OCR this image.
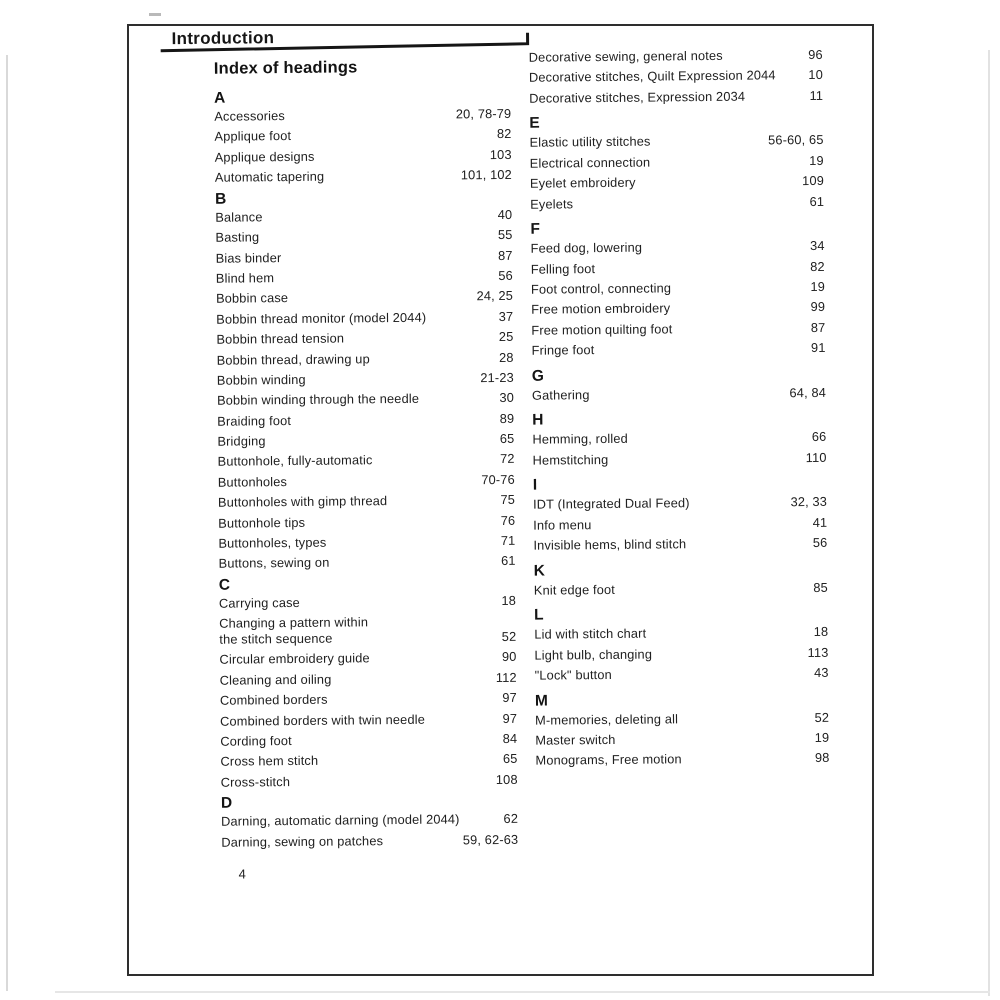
Introduction
Index of headings
A
Accessories	20, 78-79
Applique foot	82
Applique designs	103
Automatic tapering	101, 102
B
Balance	40
Basting	55
Bias binder	87
Blind hem	56
Bobbin case	24, 25
Bobbin thread monitor (model 2044)	37
Bobbin thread tension	25
Bobbin thread, drawing up	28
Bobbin winding	21-23
Bobbin winding through the needle	30
Braiding foot	89
Bridging	65
Buttonhole, fully-automatic	72
Buttonholes	70-76
Buttonholes with gimp thread	75
Buttonhole tips	76
Buttonholes, types	71
Buttons, sewing on	61
C
Carrying case	18
Changing a pattern within
the stitch sequence	52
Circular embroidery guide	90
Cleaning and oiling	112
Combined borders	97
Combined borders with twin needle	97
Cording foot	84
Cross hem stitch	65
Cross-stitch	108
D
Darning, automatic darning (model 2044)	62
Darning, sewing on patches	59, 62-63
Decorative sewing, general notes	96
Decorative stitches, Quilt Expression 2044	10
Decorative stitches, Expression 2034	11
E
Elastic utility stitches	56-60, 65
Electrical connection	19
Eyelet embroidery	109
Eyelets	61
F
Feed dog, lowering	34
Felling foot	82
Foot control, connecting	19
Free motion embroidery	99
Free motion quilting foot	87
Fringe foot	91
G
Gathering	64, 84
H
Hemming, rolled	66
Hemstitching	110
I
IDT (Integrated Dual Feed)	32, 33
Info menu	41
Invisible hems, blind stitch	56
K
Knit edge foot	85
L
Lid with stitch chart	18
Light bulb, changing	113
"Lock" button	43
M
M-memories, deleting all	52
Master switch	19
Monograms, Free motion	98
4
